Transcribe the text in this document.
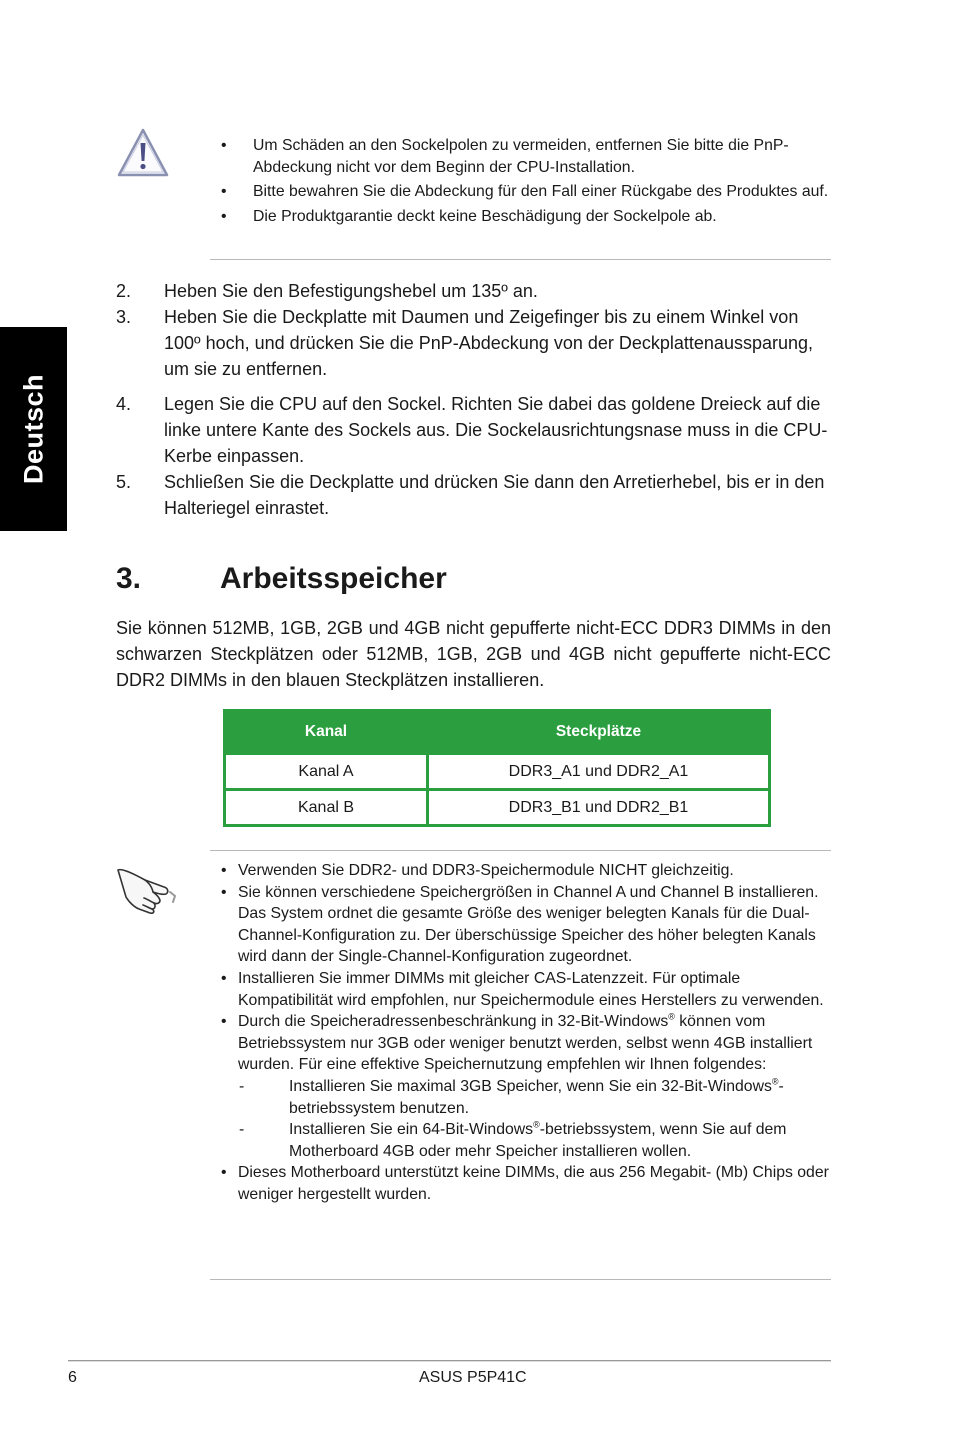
Deutsch
• Um Schäden an den Sockelpolen zu vermeiden, entfernen Sie bitte die PnP-Abdeckung nicht vor dem Beginn der CPU-Installation.
• Bitte bewahren Sie die Abdeckung für den Fall einer Rückgabe des Produktes auf.
• Die Produktgarantie deckt keine Beschädigung der Sockelpole ab.
2. Heben Sie den Befestigungshebel um 135º an.
3. Heben Sie die Deckplatte mit Daumen und Zeigefinger bis zu einem Winkel von 100º hoch, und drücken Sie die PnP-Abdeckung von der Deckplattenaussparung, um sie zu entfernen.
4. Legen Sie die CPU auf den Sockel. Richten Sie dabei das goldene Dreieck auf die linke untere Kante des Sockels aus. Die Sockelausrichtungsnase muss in die CPU-Kerbe einpassen.
5. Schließen Sie die Deckplatte und drücken Sie dann den Arretierhebel, bis er in den Halteriegel einrastet.
3.	Arbeitsspeicher

Sie können 512MB, 1GB, 2GB und 4GB nicht gepufferte nicht-ECC DDR3 DIMMs in den schwarzen Steckplätzen oder 512MB, 1GB, 2GB und 4GB nicht gepufferte nicht-ECC DDR2 DIMMs in den blauen Steckplätzen installieren.

Kanal	Steckplätze
Kanal A	DDR3_A1 und DDR2_A1
Kanal B	DDR3_B1 und DDR2_B1
• Verwenden Sie DDR2- und DDR3-Speichermodule NICHT gleichzeitig.
• Sie können verschiedene Speichergrößen in Channel A und Channel B installieren. Das System ordnet die gesamte Größe des weniger belegten Kanals für die Dual-Channel-Konfiguration zu. Der überschüssige Speicher des höher belegten Kanals wird dann der Single-Channel-Konfiguration zugeordnet.
• Installieren Sie immer DIMMs mit gleicher CAS-Latenzzeit. Für optimale Kompatibilität wird empfohlen, nur Speichermodule eines Herstellers zu verwenden.
• Durch die Speicheradressenbeschränkung in 32-Bit-Windows® können vom Betriebssystem nur 3GB oder weniger benutzt werden, selbst wenn 4GB installiert wurden. Für eine effektive Speichernutzung empfehlen wir Ihnen folgendes:
-	Installieren Sie maximal 3GB Speicher, wenn Sie ein 32-Bit-Windows®-betriebssystem benutzen.
-	Installieren Sie ein 64-Bit-Windows®-betriebssystem, wenn Sie auf dem Motherboard 4GB oder mehr Speicher installieren wollen.
• Dieses Motherboard unterstützt keine DIMMs, die aus 256 Megabit- (Mb) Chips oder weniger hergestellt wurden.
6	ASUS P5P41C
